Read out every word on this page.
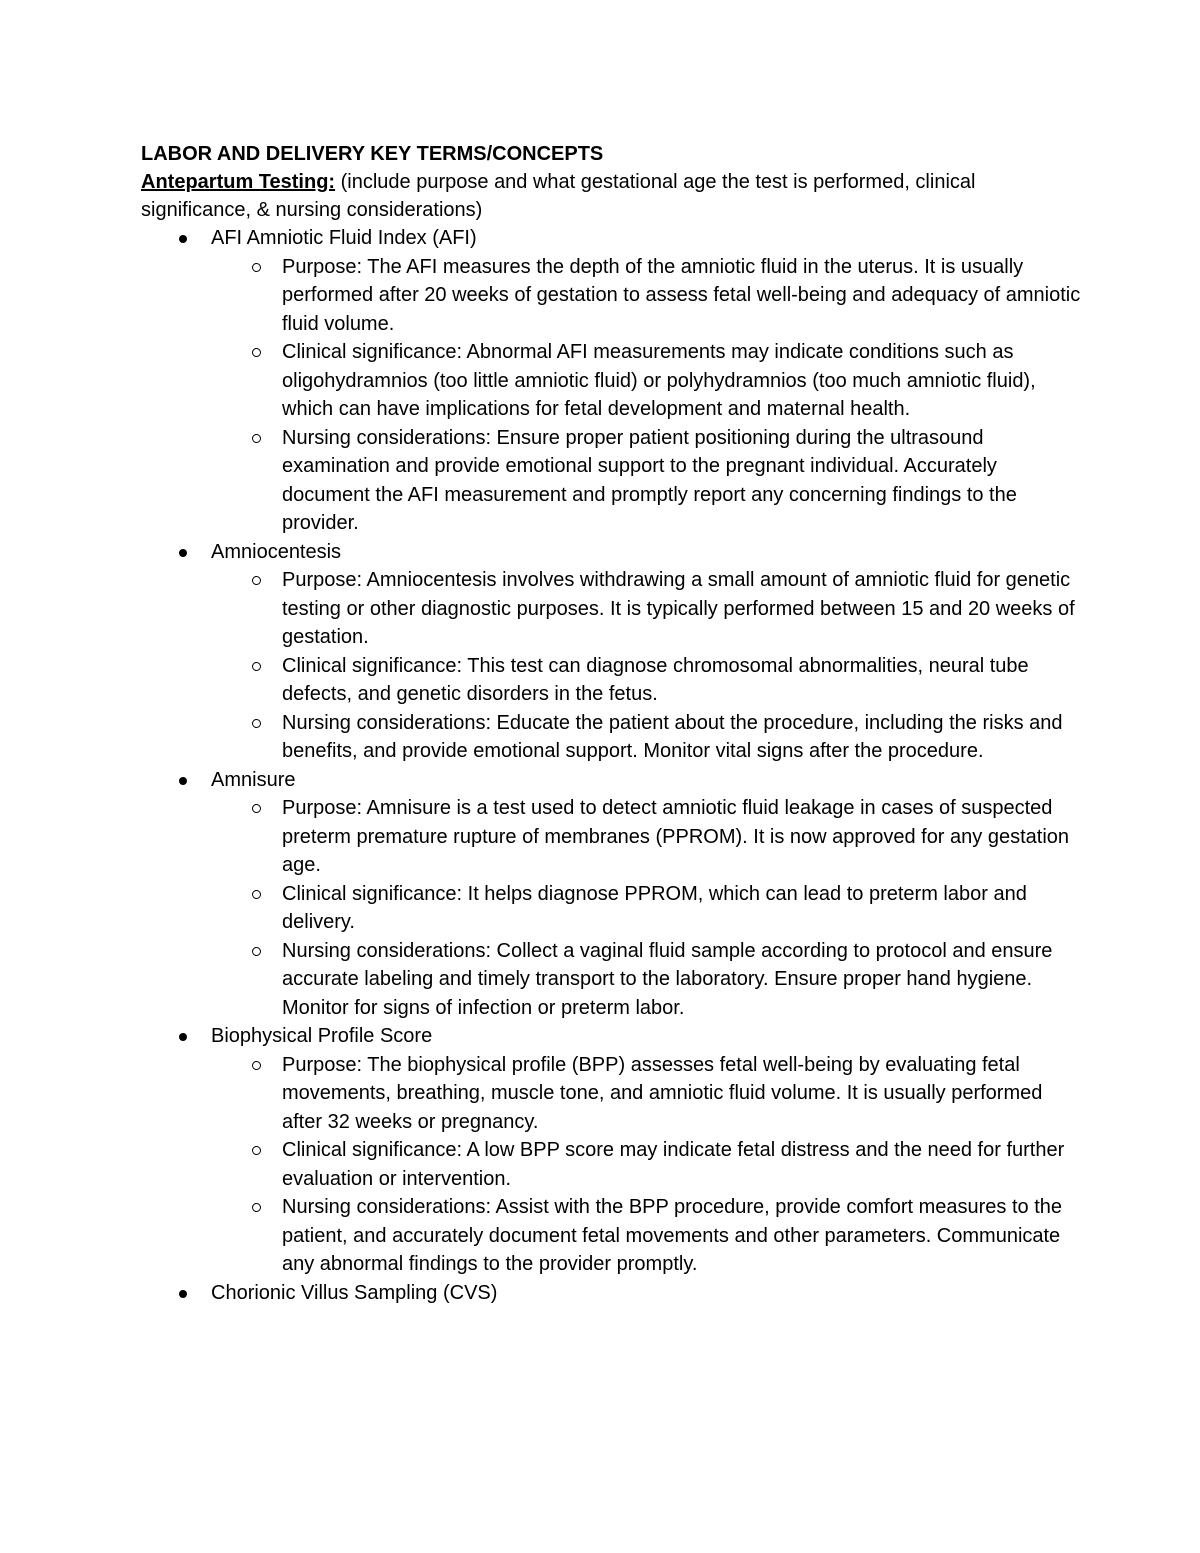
LABOR AND DELIVERY KEY TERMS/CONCEPTS

Antepartum Testing: (include purpose and what gestational age the test is performed, clinical significance, & nursing considerations)

AFI Amniotic Fluid Index (AFI)
Purpose: The AFI measures the depth of the amniotic fluid in the uterus. It is usually performed after 20 weeks of gestation to assess fetal well-being and adequacy of amniotic fluid volume.
Clinical significance: Abnormal AFI measurements may indicate conditions such as oligohydramnios (too little amniotic fluid) or polyhydramnios (too much amniotic fluid), which can have implications for fetal development and maternal health.
Nursing considerations: Ensure proper patient positioning during the ultrasound examination and provide emotional support to the pregnant individual. Accurately document the AFI measurement and promptly report any concerning findings to the provider.
Amniocentesis
Purpose: Amniocentesis involves withdrawing a small amount of amniotic fluid for genetic testing or other diagnostic purposes. It is typically performed between 15 and 20 weeks of gestation.
Clinical significance: This test can diagnose chromosomal abnormalities, neural tube defects, and genetic disorders in the fetus.
Nursing considerations: Educate the patient about the procedure, including the risks and benefits, and provide emotional support. Monitor vital signs after the procedure.
Amnisure
Purpose: Amnisure is a test used to detect amniotic fluid leakage in cases of suspected preterm premature rupture of membranes (PPROM). It is now approved for any gestation age.
Clinical significance: It helps diagnose PPROM, which can lead to preterm labor and delivery.
Nursing considerations: Collect a vaginal fluid sample according to protocol and ensure accurate labeling and timely transport to the laboratory. Ensure proper hand hygiene. Monitor for signs of infection or preterm labor.
Biophysical Profile Score
Purpose: The biophysical profile (BPP) assesses fetal well-being by evaluating fetal movements, breathing, muscle tone, and amniotic fluid volume. It is usually performed after 32 weeks or pregnancy.
Clinical significance: A low BPP score may indicate fetal distress and the need for further evaluation or intervention.
Nursing considerations: Assist with the BPP procedure, provide comfort measures to the patient, and accurately document fetal movements and other parameters. Communicate any abnormal findings to the provider promptly.
Chorionic Villus Sampling (CVS)
